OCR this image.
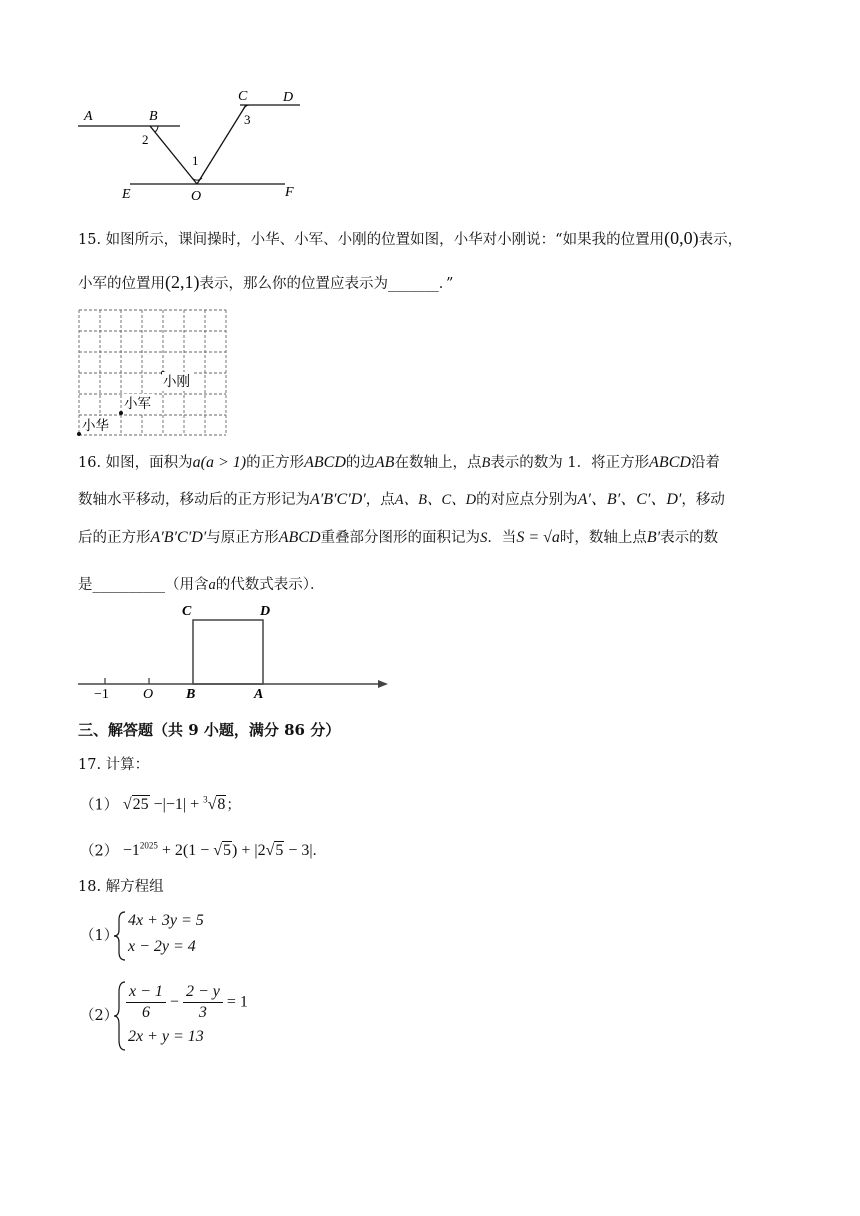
A	B
C	D
E	O	F
2
1
3
15. 如图所示，课间操时，小华、小军、小刚的位置如图，小华对小刚说：“如果我的位置用(0,0)表示，
小军的位置用(2,1)表示，那么你的位置应表示为_______．”
小刚
小军
小华
16. 如图，面积为a(a > 1)的正方形ABCD的边AB在数轴上，点B表示的数为 1．将正方形ABCD沿着
数轴水平移动，移动后的正方形记为A′B′C′D′，点A、B、C、D的对应点分别为A′、B′、C′、D′，移动
后的正方形A′B′C′D′与原正方形ABCD重叠部分图形的面积记为S．当S = √a时，数轴上点B′表示的数
是__________（用含a的代数式表示）．
−1 O B	A
C	D
三、解答题（共 9 小题，满分 86 分）
17. 计算：
（1） √25 −|−1| + $^3$√8；
$(2) -1^{2025} + 2(1 - √5) + |2√5 - 3|$.
18. 解方程组
（1）
4x + 3y = 5
x − 2y = 4
$(2) \frac{x - 1}{6} - \frac{2 - y}{3} = 1$
2x + y = 13
